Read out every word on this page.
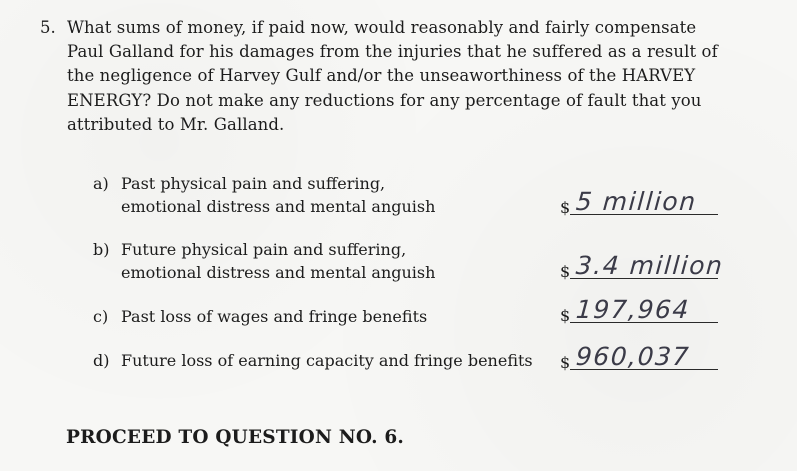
5. What sums of money, if paid now, would reasonably and fairly compensate Paul Galland for his damages from the injuries that he suffered as a result of the negligence of Harvey Gulf and/or the unseaworthiness of the HARVEY ENERGY? Do not make any reductions for any percentage of fault that you attributed to Mr. Galland.
a) Past physical pain and suffering,
emotional distress and mental anguish	$ 5 million
b) Future physical pain and suffering,
emotional distress and mental anguish	$ 3.4 million
c) Past loss of wages and fringe benefits	$ 197,964
d) Future loss of earning capacity and fringe benefits	$ 960,037
PROCEED TO QUESTION NO. 6.
